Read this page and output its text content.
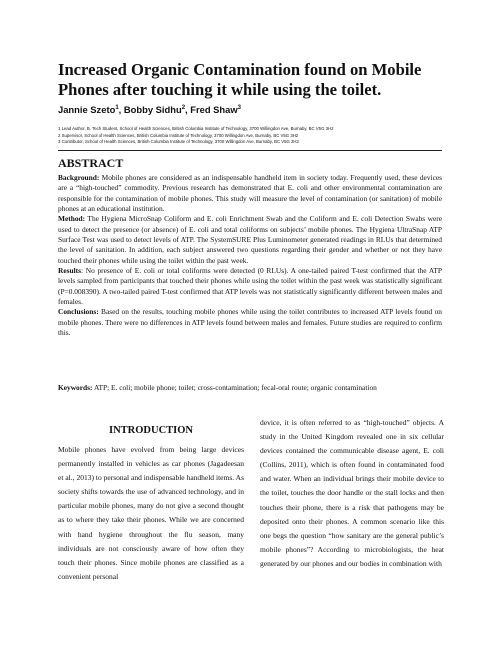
Increased Organic Contamination found on Mobile Phones after touching it while using the toilet.
Jannie Szeto$^1$, Bobby Sidhu$^2$, Fred Shaw$^3$
1 Lead Author, B. Tech Student, School of Health Sciences, British Columbia Institute of Technology, 3700 Willingdon Ave, Burnaby, BC V5G 3H2
2 Supervisor, School of Health Sciences, British Columbia Institute of Technology, 3700 Willingdon Ave, Burnaby, BC V5G 3H2
3 Contributor, School of Health Sciences, British Columbia Institute of Technology, 3700 Willingdon Ave, Burnaby, BC V5G 3H2
ABSTRACT

Background: Mobile phones are considered as an indispensable handheld item in society today. Frequently used, these devices are a “high-touched” commodity. Previous research has demonstrated that E. coli and other environmental contamination are responsible for the contamination of mobile phones. This study will measure the level of contamination (or sanitation) of mobile phones at an educational institution.

Method: The Hygiena MicroSnap Coliform and E. coli Enrichment Swab and the Coliform and E. coli Detection Swabs were used to detect the presence (or absence) of E. coli and total coliforms on subjects’ mobile phones. The Hygiena UltraSnap ATP Surface Test was used to detect levels of ATP. The SystemSURE Plus Luminometer generated readings in RLUs that determined the level of sanitation. In addition, each subject answered two questions regarding their gender and whether or not they have touched their phones while using the toilet within the past week.

Results: No presence of E. coli or total coliforms were detected (0 RLUs). A one-tailed paired T-test confirmed that the ATP levels sampled from participants that touched their phones while using the toilet within the past week was statistically significant (P=0.008390). A two-tailed paired T-test confirmed that ATP levels was not statistically significantly different between males and females.

Conclusions: Based on the results, touching mobile phones while using the toilet contributes to increased ATP levels found on mobile phones. There were no differences in ATP levels found between males and females. Future studies are required to confirm this.

Keywords: ATP; E. coli; mobile phone; toilet; cross-contamination; fecal-oral route; organic contamination

INTRODUCTION

Mobile phones have evolved from being large devices permanently installed in vehicles as car phones (Jagadeesan et al., 2013) to personal and indispensable handheld items. As society shifts towards the use of advanced technology, and in particular mobile phones, many do not give a second thought as to where they take their phones. While we are concerned with hand hygiene throughout the flu season, many individuals are not consciously aware of how often they touch their phones. Since mobile phones are classified as a convenient personal

device, it is often referred to as “high-touched” objects. A study in the United Kingdom revealed one in six cellular devices contained the communicable disease agent, E. coli (Collins, 2011), which is often found in contaminated food and water. When an individual brings their mobile device to the toilet, touches the door handle or the stall locks and then touches their phone, there is a risk that pathogens may be deposited onto their phones. A common scenario like this one begs the question “how sanitary are the general public’s mobile phones”? According to microbiologists, the heat generated by our phones and our bodies in combination with
